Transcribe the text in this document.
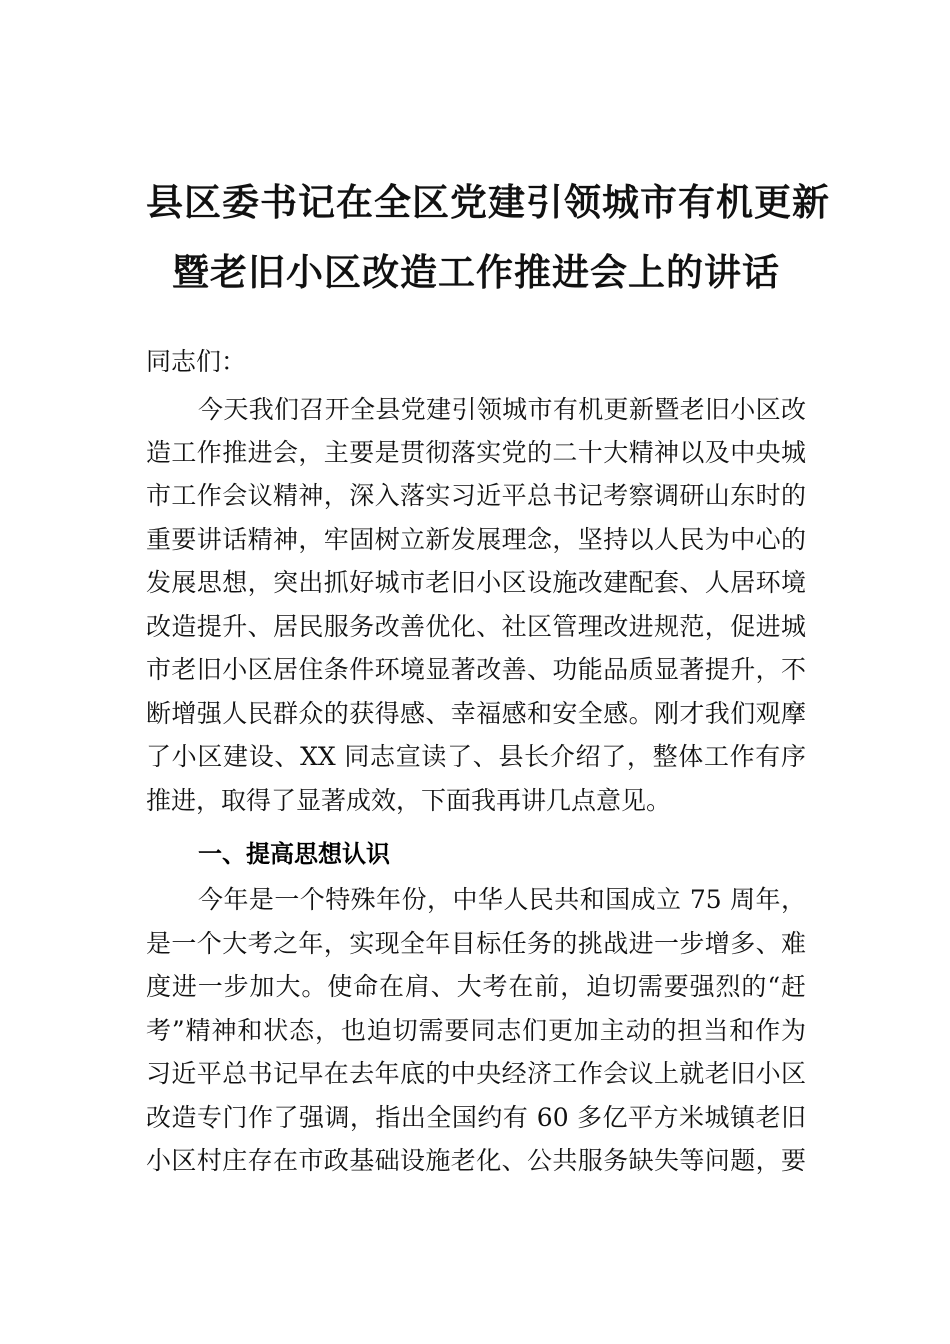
县区委书记在全区党建引领城市有机更新
暨老旧小区改造工作推进会上的讲话
同志们：
今天我们召开全县党建引领城市有机更新暨老旧小区改
造工作推进会，主要是贯彻落实党的二十大精神以及中央城
市工作会议精神，深入落实习近平总书记考察调研山东时的
重要讲话精神，牢固树立新发展理念，坚持以人民为中心的
发展思想，突出抓好城市老旧小区设施改建配套、人居环境
改造提升、居民服务改善优化、社区管理改进规范，促进城
市老旧小区居住条件环境显著改善、功能品质显著提升，不
断增强人民群众的获得感、幸福感和安全感。刚才我们观摩
了小区建设、XX 同志宣读了、县长介绍了，整体工作有序
推进，取得了显著成效，下面我再讲几点意见。
一、提高思想认识
今年是一个特殊年份，中华人民共和国成立 75 周年，
是一个大考之年，实现全年目标任务的挑战进一步增多、难
度进一步加大。使命在肩、大考在前，迫切需要强烈的“赶
考”精神和状态，也迫切需要同志们更加主动的担当和作为
习近平总书记早在去年底的中央经济工作会议上就老旧小区
改造专门作了强调，指出全国约有 60 多亿平方米城镇老旧
小区村庄存在市政基础设施老化、公共服务缺失等问题，要
